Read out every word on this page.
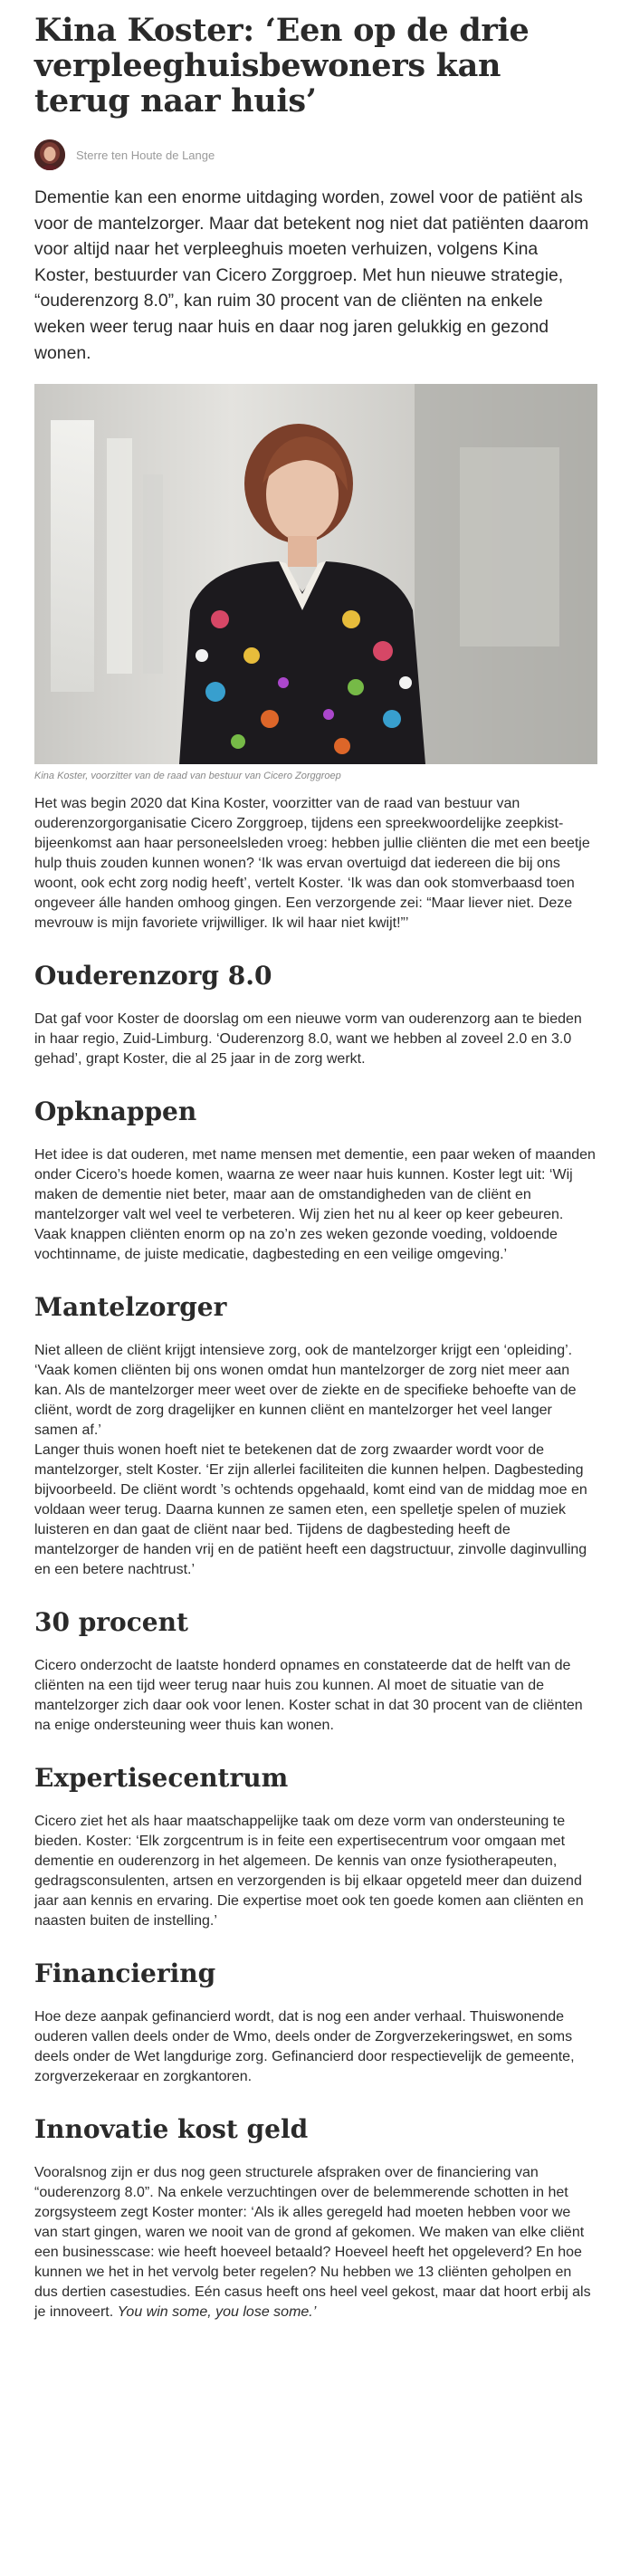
Kina Koster: ‘Een op de drie verpleeghuisbewoners kan terug naar huis’
Sterre ten Houte de Lange

Dementie kan een enorme uitdaging worden, zowel voor de patiënt als voor de mantelzorger. Maar dat betekent nog niet dat patiënten daarom voor altijd naar het verpleeghuis moeten verhuizen, volgens Kina Koster, bestuurder van Cicero Zorggroep. Met hun nieuwe strategie, “ouderenzorg 8.0”, kan ruim 30 procent van de cliënten na enkele weken weer terug naar huis en daar nog jaren gelukkig en gezond wonen.

Kina Koster, voorzitter van de raad van bestuur van Cicero Zorggroep

Het was begin 2020 dat Kina Koster, voorzitter van de raad van bestuur van ouderenzorgorganisatie Cicero Zorggroep, tijdens een spreekwoordelijke zeepkist-bijeenkomst aan haar personeelsleden vroeg: hebben jullie cliënten die met een beetje hulp thuis zouden kunnen wonen? ‘Ik was ervan overtuigd dat iedereen die bij ons woont, ook echt zorg nodig heeft’, vertelt Koster. ‘Ik was dan ook stomverbaasd toen ongeveer álle handen omhoog gingen. Een verzorgende zei: “Maar liever niet. Deze mevrouw is mijn favoriete vrijwilliger. Ik wil haar niet kwijt!”’

Ouderenzorg 8.0

Dat gaf voor Koster de doorslag om een nieuwe vorm van ouderenzorg aan te bieden in haar regio, Zuid-Limburg. ‘Ouderenzorg 8.0, want we hebben al zoveel 2.0 en 3.0 gehad’, grapt Koster, die al 25 jaar in de zorg werkt.

Opknappen

Het idee is dat ouderen, met name mensen met dementie, een paar weken of maanden onder Cicero’s hoede komen, waarna ze weer naar huis kunnen. Koster legt uit: ‘Wij maken de dementie niet beter, maar aan de omstandigheden van de cliënt en mantelzorger valt wel veel te verbeteren. Wij zien het nu al keer op keer gebeuren. Vaak knappen cliënten enorm op na zo’n zes weken gezonde voeding, voldoende vochtinname, de juiste medicatie, dagbesteding en een veilige omgeving.’

Mantelzorger

Niet alleen de cliënt krijgt intensieve zorg, ook de mantelzorger krijgt een ‘opleiding’. ‘Vaak komen cliënten bij ons wonen omdat hun mantelzorger de zorg niet meer aan kan. Als de mantelzorger meer weet over de ziekte en de specifieke behoefte van de cliënt, wordt de zorg dragelijker en kunnen cliënt en mantelzorger het veel langer samen af.’

Langer thuis wonen hoeft niet te betekenen dat de zorg zwaarder wordt voor de mantelzorger, stelt Koster. ‘Er zijn allerlei faciliteiten die kunnen helpen. Dagbesteding bijvoorbeeld. De cliënt wordt ’s ochtends opgehaald, komt eind van de middag moe en voldaan weer terug. Daarna kunnen ze samen eten, een spelletje spelen of muziek luisteren en dan gaat de cliënt naar bed. Tijdens de dagbesteding heeft de mantelzorger de handen vrij en de patiënt heeft een dagstructuur, zinvolle daginvulling en een betere nachtrust.’

30 procent

Cicero onderzocht de laatste honderd opnames en constateerde dat de helft van de cliënten na een tijd weer terug naar huis zou kunnen. Al moet de situatie van de mantelzorger zich daar ook voor lenen. Koster schat in dat 30 procent van de cliënten na enige ondersteuning weer thuis kan wonen.

Expertisecentrum

Cicero ziet het als haar maatschappelijke taak om deze vorm van ondersteuning te bieden. Koster: ‘Elk zorgcentrum is in feite een expertisecentrum voor omgaan met dementie en ouderenzorg in het algemeen. De kennis van onze fysiotherapeuten, gedragsconsulenten, artsen en verzorgenden is bij elkaar opgeteld meer dan duizend jaar aan kennis en ervaring. Die expertise moet ook ten goede komen aan cliënten en naasten buiten de instelling.’

Financiering

Hoe deze aanpak gefinancierd wordt, dat is nog een ander verhaal. Thuiswonende ouderen vallen deels onder de Wmo, deels onder de Zorgverzekeringswet, en soms deels onder de Wet langdurige zorg. Gefinancierd door respectievelijk de gemeente, zorgverzekeraar en zorgkantoren.

Innovatie kost geld

Vooralsnog zijn er dus nog geen structurele afspraken over de financiering van “ouderenzorg 8.0”. Na enkele verzuchtingen over de belemmerende schotten in het zorgsysteem zegt Koster monter: ‘Als ik alles geregeld had moeten hebben voor we van start gingen, waren we nooit van de grond af gekomen. We maken van elke cliënt een businesscase: wie heeft hoeveel betaald? Hoeveel heeft het opgeleverd? En hoe kunnen we het in het vervolg beter regelen? Nu hebben we 13 cliënten geholpen en dus dertien casestudies. Eén casus heeft ons heel veel gekost, maar dat hoort erbij als je innoveert. You win some, you lose some.’
